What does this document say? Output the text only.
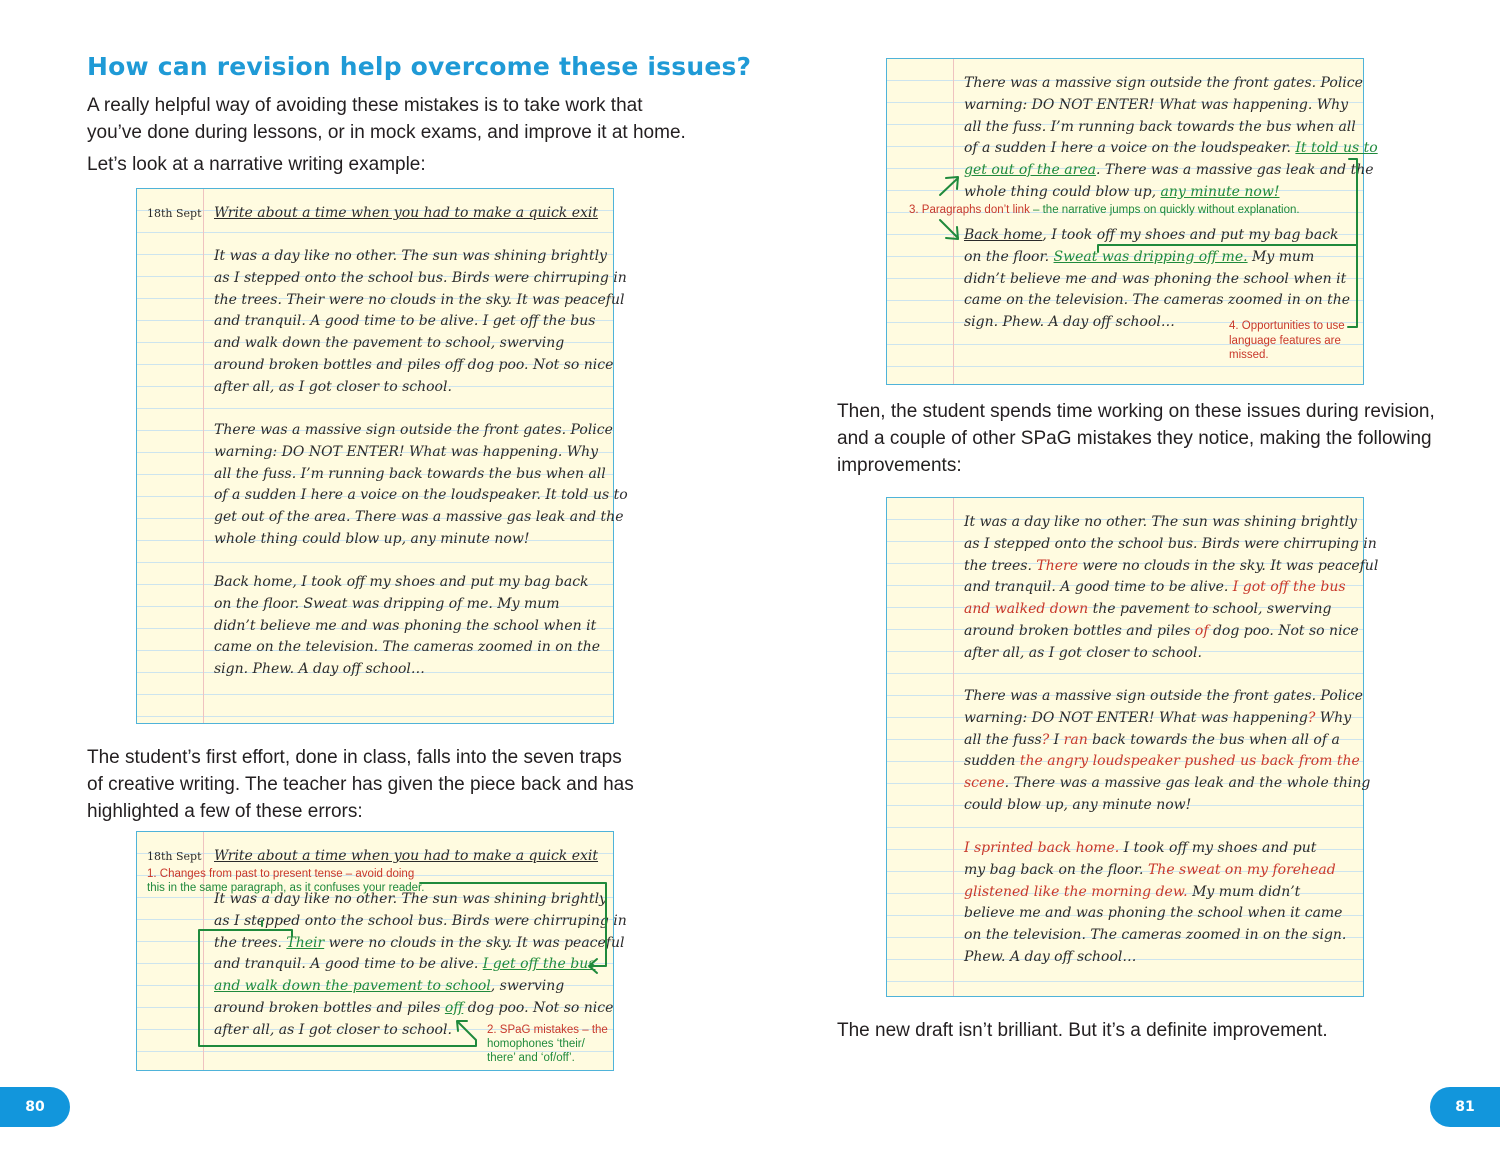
How can revision help overcome these issues?
A really helpful way of avoiding these mistakes is to take work that
you’ve done during lessons, or in mock exams, and improve it at home.
Let’s look at a narrative writing example:
18th Sept Write about a time when you had to make a quick exit
It was a day like no other. The sun was shining brightly
as I stepped onto the school bus. Birds were chirruping in
the trees. Their were no clouds in the sky. It was peaceful
and tranquil. A good time to be alive. I get off the bus
and walk down the pavement to school, swerving
around broken bottles and piles off dog poo. Not so nice
after all, as I got closer to school.
There was a massive sign outside the front gates. Police
warning: DO NOT ENTER! What was happening. Why
all the fuss. I’m running back towards the bus when all
of a sudden I here a voice on the loudspeaker. It told us to
get out of the area. There was a massive gas leak and the
whole thing could blow up, any minute now!
Back home, I took off my shoes and put my bag back
on the floor. Sweat was dripping of me. My mum
didn’t believe me and was phoning the school when it
came on the television. The cameras zoomed in on the
sign. Phew. A day off school…
The student’s first effort, done in class, falls into the seven traps
of creative writing. The teacher has given the piece back and has
highlighted a few of these errors:
18th Sept Write about a time when you had to make a quick exit
1. Changes from past to present tense – avoid doing
this in the same paragraph, as it confuses your reader.
It was a day like no other. The sun was shining brightly
as I stepped onto the school bus. Birds were chirruping in
the trees. Their were no clouds in the sky. It was peaceful
and tranquil. A good time to be alive. I get off the bus
and walk down the pavement to school, swerving
around broken bottles and piles off dog poo. Not so nice
after all, as I got closer to school.	2. SPaG mistakes – the
homophones ‘their/
there’ and ‘of/off’.
There was a massive sign outside the front gates. Police
warning: DO NOT ENTER! What was happening. Why
all the fuss. I’m running back towards the bus when all
of a sudden I here a voice on the loudspeaker. It told us to
get out of the area. There was a massive gas leak and the
whole thing could blow up, any minute now!
3. Paragraphs don’t link – the narrative jumps on quickly without explanation.
Back home, I took off my shoes and put my bag back
on the floor. Sweat was dripping off me. My mum
didn’t believe me and was phoning the school when it
came on the television. The cameras zoomed in on the
sign. Phew. A day off school…	4. Opportunities to use
language features are
missed.
Then, the student spends time working on these issues during revision,
and a couple of other SPaG mistakes they notice, making the following
improvements:
It was a day like no other. The sun was shining brightly
as I stepped onto the school bus. Birds were chirruping in
the trees. There were no clouds in the sky. It was peaceful
and tranquil. A good time to be alive. I got off the bus
and walked down the pavement to school, swerving
around broken bottles and piles of dog poo. Not so nice
after all, as I got closer to school.
There was a massive sign outside the front gates. Police
warning: DO NOT ENTER! What was happening? Why
all the fuss? I ran back towards the bus when all of a
sudden the angry loudspeaker pushed us back from the
scene. There was a massive gas leak and the whole thing
could blow up, any minute now!
I sprinted back home. I took off my shoes and put
my bag back on the floor. The sweat on my forehead
glistened like the morning dew. My mum didn’t
believe me and was phoning the school when it came
on the television. The cameras zoomed in on the sign.
Phew. A day off school…
The new draft isn’t brilliant. But it’s a definite improvement.
80	81
